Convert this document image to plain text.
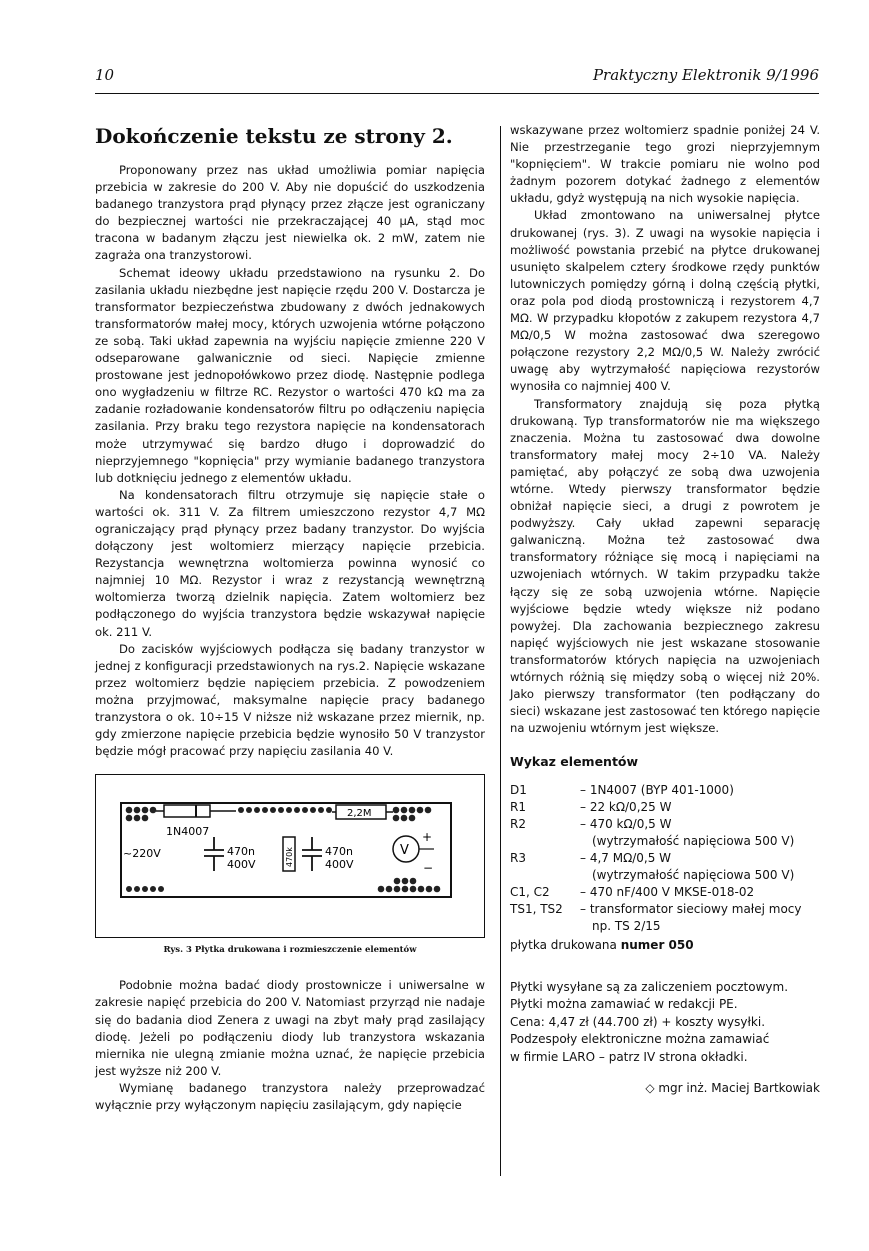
10	Praktyczny Elektronik 9/1996
Dokończenie tekstu ze strony 2.

Proponowany przez nas układ umożliwia pomiar napięcia przebicia w zakresie do 200 V. Aby nie dopuścić do uszkodzenia badanego tranzystora prąd płynący przez złącze jest ograniczany do bezpiecznej wartości nie przekraczającej 40 μA, stąd moc tracona w badanym złączu jest niewielka ok. 2 mW, zatem nie zagraża ona tranzystorowi.

Schemat ideowy układu przedstawiono na rysunku 2. Do zasilania układu niezbędne jest napięcie rzędu 200 V. Dostarcza je transformator bezpieczeństwa zbudowany z dwóch jednakowych transformatorów małej mocy, których uzwojenia wtórne połączono ze sobą. Taki układ zapewnia na wyjściu napięcie zmienne 220 V odseparowane galwanicznie od sieci. Napięcie zmienne prostowane jest jednopołówkowo przez diodę. Następnie podlega ono wygładzeniu w filtrze RC. Rezystor o wartości 470 kΩ ma za zadanie rozładowanie kondensatorów filtru po odłączeniu napięcia zasilania. Przy braku tego rezystora napięcie na kondensatorach może utrzymywać się bardzo długo i doprowadzić do nieprzyjemnego "kopnięcia" przy wymianie badanego tranzystora lub dotknięciu jednego z elementów układu.

Na kondensatorach filtru otrzymuje się napięcie stałe o wartości ok. 311 V. Za filtrem umieszczono rezystor 4,7 MΩ ograniczający prąd płynący przez badany tranzystor. Do wyjścia dołączony jest woltomierz mierzący napięcie przebicia. Rezystancja wewnętrzna woltomierza powinna wynosić co najmniej 10 MΩ. Rezystor i wraz z rezystancją wewnętrzną woltomierza tworzą dzielnik napięcia. Zatem woltomierz bez podłączonego do wyjścia tranzystora będzie wskazywał napięcie ok. 211 V.

Do zacisków wyjściowych podłącza się badany tranzystor w jednej z konfiguracji przedstawionych na rys.2. Napięcie wskazane przez woltomierz będzie napięciem przebicia. Z powodzeniem można przyjmować, maksymalne napięcie pracy badanego tranzystora o ok. 10÷15 V niższe niż wskazane przez miernik, np. gdy zmierzone napięcie przebicia będzie wynosiło 50 V tranzystor będzie mógł pracować przy napięciu zasilania 40 V.

~220V
1N4007
470n
400V	470k	470n
400V
2,2M
V
+
−
Rys. 3 Płytka drukowana i rozmieszczenie elementów

Podobnie można badać diody prostownicze i uniwersalne w zakresie napięć przebicia do 200 V. Natomiast przyrząd nie nadaje się do badania diod Zenera z uwagi na zbyt mały prąd zasilający diodę. Jeżeli po podłączeniu diody lub tranzystora wskazania miernika nie ulegną zmianie można uznać, że napięcie przebicia jest wyższe niż 200 V.

Wymianę badanego tranzystora należy przeprowadzać wyłącznie przy wyłączonym napięciu zasilającym, gdy napięcie

wskazywane przez woltomierz spadnie poniżej 24 V. Nie przestrzeganie tego grozi nieprzyjemnym "kopnięciem". W trakcie pomiaru nie wolno pod żadnym pozorem dotykać żadnego z elementów układu, gdyż występują na nich wysokie napięcia.

Układ zmontowano na uniwersalnej płytce drukowanej (rys. 3). Z uwagi na wysokie napięcia i możliwość powstania przebić na płytce drukowanej usunięto skalpelem cztery środkowe rzędy punktów lutowniczych pomiędzy górną i dolną częścią płytki, oraz pola pod diodą prostowniczą i rezystorem 4,7 MΩ. W przypadku kłopotów z zakupem rezystora 4,7 MΩ/0,5 W można zastosować dwa szeregowo połączone rezystory 2,2 MΩ/0,5 W. Należy zwrócić uwagę aby wytrzymałość napięciowa rezystorów wynosiła co najmniej 400 V.

Transformatory znajdują się poza płytką drukowaną. Typ transformatorów nie ma większego znaczenia. Można tu zastosować dwa dowolne transformatory małej mocy 2÷10 VA. Należy pamiętać, aby połączyć ze sobą dwa uzwojenia wtórne. Wtedy pierwszy transformator będzie obniżał napięcie sieci, a drugi z powrotem je podwyższy. Cały układ zapewni separację galwaniczną. Można też zastosować dwa transformatory różniące się mocą i napięciami na uzwojeniach wtórnych. W takim przypadku także łączy się ze sobą uzwojenia wtórne. Napięcie wyjściowe będzie wtedy większe niż podano powyżej. Dla zachowania bezpiecznego zakresu napięć wyjściowych nie jest wskazane stosowanie transformatorów których napięcia na uzwojeniach wtórnych różnią się między sobą o więcej niż 20%. Jako pierwszy transformator (ten podłączany do sieci) wskazane jest zastosować ten którego napięcie na uzwojeniu wtórnym jest większe.

Wykaz elementów
D1	– 1N4007 (BYP 401-1000)
R1	– 22 kΩ/0,25 W
R2	– 470 kΩ/0,5 W
	(wytrzymałość napięciowa 500 V)
R3	– 4,7 MΩ/0,5 W
	(wytrzymałość napięciowa 500 V)
C1, C2	– 470 nF/400 V MKSE-018-02
TS1, TS2	– transformator sieciowy małej mocy
	np. TS 2/15
płytka drukowana numer 050
Płytki wysyłane są za zaliczeniem pocztowym.
Płytki można zamawiać w redakcji PE.
Cena: 4,47 zł (44.700 zł) + koszty wysyłki.
Podzespoły elektroniczne można zamawiać
w firmie LARO – patrz IV strona okładki.
◇ mgr inż. Maciej Bartkowiak
